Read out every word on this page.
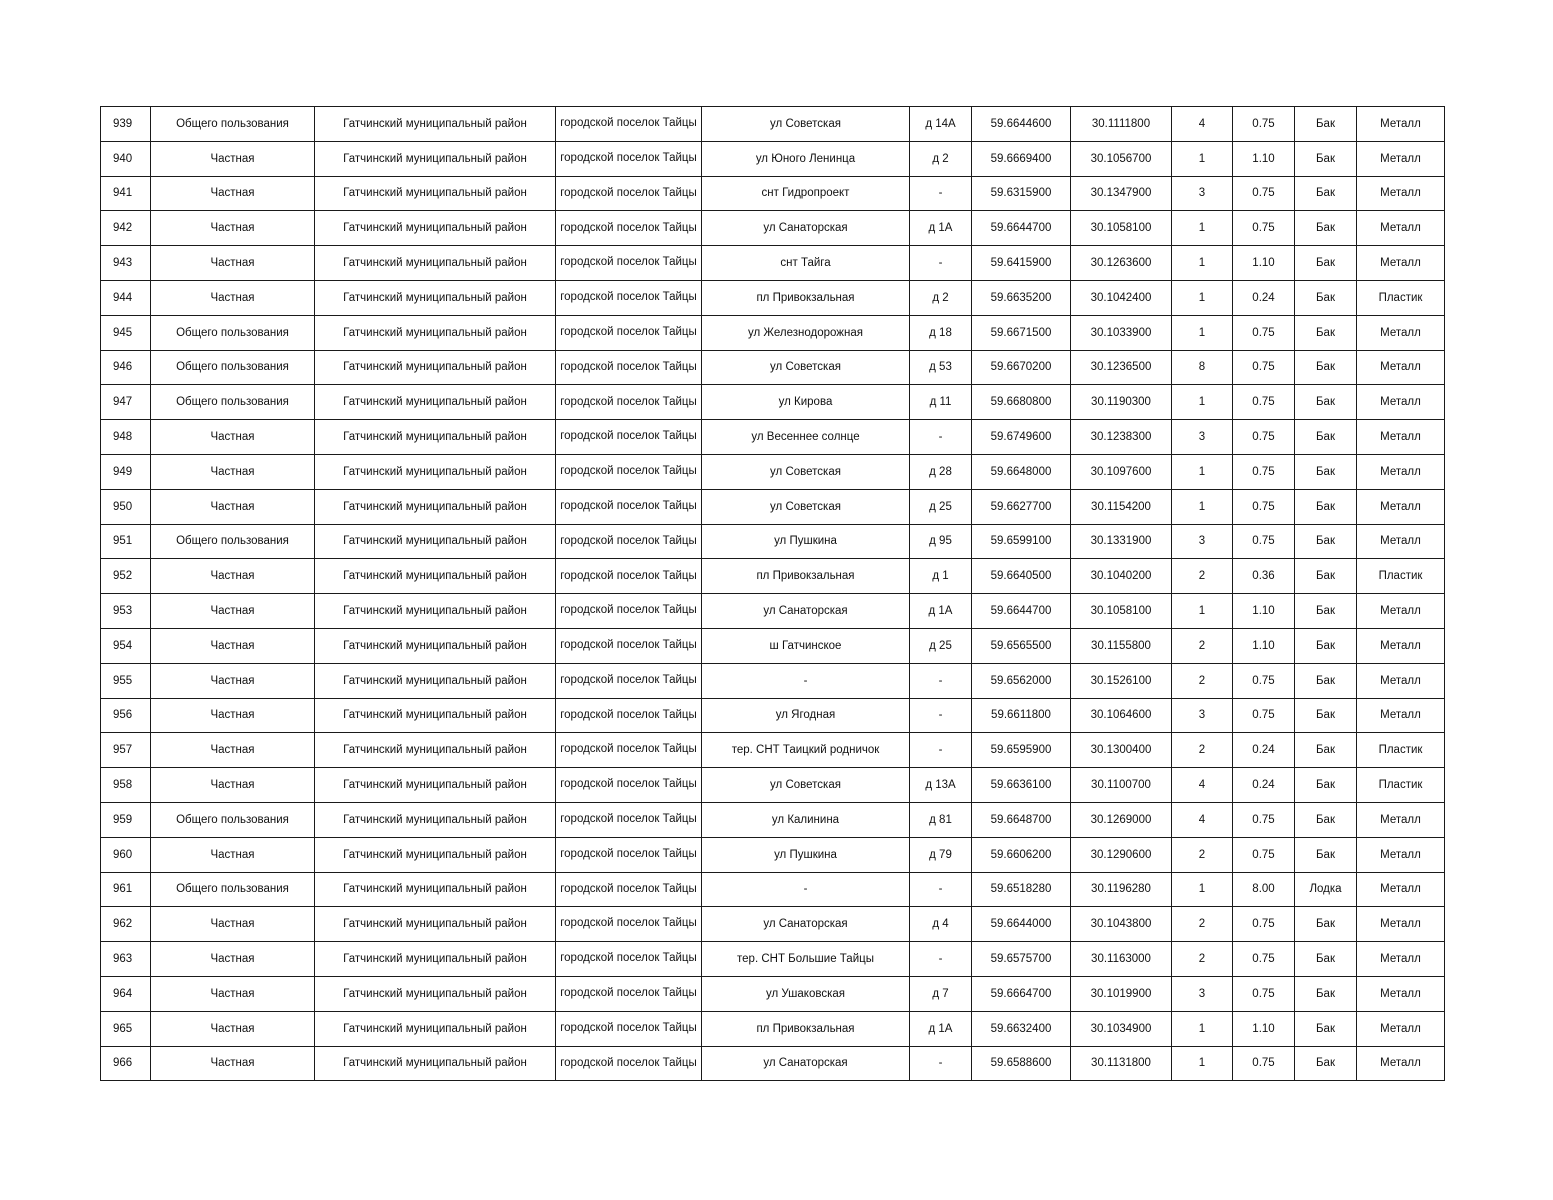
939	Общего пользования	Гатчинский муниципальный район	городской поселок Тайцы	ул Советская	д 14А	59.6644600	30.1111800	4	0.75	Бак	Металл
940	Частная	Гатчинский муниципальный район	городской поселок Тайцы	ул Юного Ленинца	д 2	59.6669400	30.1056700	1	1.10	Бак	Металл
941	Частная	Гатчинский муниципальный район	городской поселок Тайцы	снт Гидропроект	-	59.6315900	30.1347900	3	0.75	Бак	Металл
942	Частная	Гатчинский муниципальный район	городской поселок Тайцы	ул Санаторская	д 1А	59.6644700	30.1058100	1	0.75	Бак	Металл
943	Частная	Гатчинский муниципальный район	городской поселок Тайцы	снт Тайга	-	59.6415900	30.1263600	1	1.10	Бак	Металл
944	Частная	Гатчинский муниципальный район	городской поселок Тайцы	пл Привокзальная	д 2	59.6635200	30.1042400	1	0.24	Бак	Пластик
945	Общего пользования	Гатчинский муниципальный район	городской поселок Тайцы	ул Железнодорожная	д 18	59.6671500	30.1033900	1	0.75	Бак	Металл
946	Общего пользования	Гатчинский муниципальный район	городской поселок Тайцы	ул Советская	д 53	59.6670200	30.1236500	8	0.75	Бак	Металл
947	Общего пользования	Гатчинский муниципальный район	городской поселок Тайцы	ул Кирова	д 11	59.6680800	30.1190300	1	0.75	Бак	Металл
948	Частная	Гатчинский муниципальный район	городской поселок Тайцы	ул Весеннее солнце	-	59.6749600	30.1238300	3	0.75	Бак	Металл
949	Частная	Гатчинский муниципальный район	городской поселок Тайцы	ул Советская	д 28	59.6648000	30.1097600	1	0.75	Бак	Металл
950	Частная	Гатчинский муниципальный район	городской поселок Тайцы	ул Советская	д 25	59.6627700	30.1154200	1	0.75	Бак	Металл
951	Общего пользования	Гатчинский муниципальный район	городской поселок Тайцы	ул Пушкина	д 95	59.6599100	30.1331900	3	0.75	Бак	Металл
952	Частная	Гатчинский муниципальный район	городской поселок Тайцы	пл Привокзальная	д 1	59.6640500	30.1040200	2	0.36	Бак	Пластик
953	Частная	Гатчинский муниципальный район	городской поселок Тайцы	ул Санаторская	д 1А	59.6644700	30.1058100	1	1.10	Бак	Металл
954	Частная	Гатчинский муниципальный район	городской поселок Тайцы	ш Гатчинское	д 25	59.6565500	30.1155800	2	1.10	Бак	Металл
955	Частная	Гатчинский муниципальный район	городской поселок Тайцы	-	-	59.6562000	30.1526100	2	0.75	Бак	Металл
956	Частная	Гатчинский муниципальный район	городской поселок Тайцы	ул Ягодная	-	59.6611800	30.1064600	3	0.75	Бак	Металл
957	Частная	Гатчинский муниципальный район	городской поселок Тайцы	тер. СНТ Таицкий родничок	-	59.6595900	30.1300400	2	0.24	Бак	Пластик
958	Частная	Гатчинский муниципальный район	городской поселок Тайцы	ул Советская	д 13А	59.6636100	30.1100700	4	0.24	Бак	Пластик
959	Общего пользования	Гатчинский муниципальный район	городской поселок Тайцы	ул Калинина	д 81	59.6648700	30.1269000	4	0.75	Бак	Металл
960	Частная	Гатчинский муниципальный район	городской поселок Тайцы	ул Пушкина	д 79	59.6606200	30.1290600	2	0.75	Бак	Металл
961	Общего пользования	Гатчинский муниципальный район	городской поселок Тайцы	-	-	59.6518280	30.1196280	1	8.00	Лодка	Металл
962	Частная	Гатчинский муниципальный район	городской поселок Тайцы	ул Санаторская	д 4	59.6644000	30.1043800	2	0.75	Бак	Металл
963	Частная	Гатчинский муниципальный район	городской поселок Тайцы	тер. СНТ Большие Тайцы	-	59.6575700	30.1163000	2	0.75	Бак	Металл
964	Частная	Гатчинский муниципальный район	городской поселок Тайцы	ул Ушаковская	д 7	59.6664700	30.1019900	3	0.75	Бак	Металл
965	Частная	Гатчинский муниципальный район	городской поселок Тайцы	пл Привокзальная	д 1А	59.6632400	30.1034900	1	1.10	Бак	Металл
966	Частная	Гатчинский муниципальный район	городской поселок Тайцы	ул Санаторская	-	59.6588600	30.1131800	1	0.75	Бак	Металл
